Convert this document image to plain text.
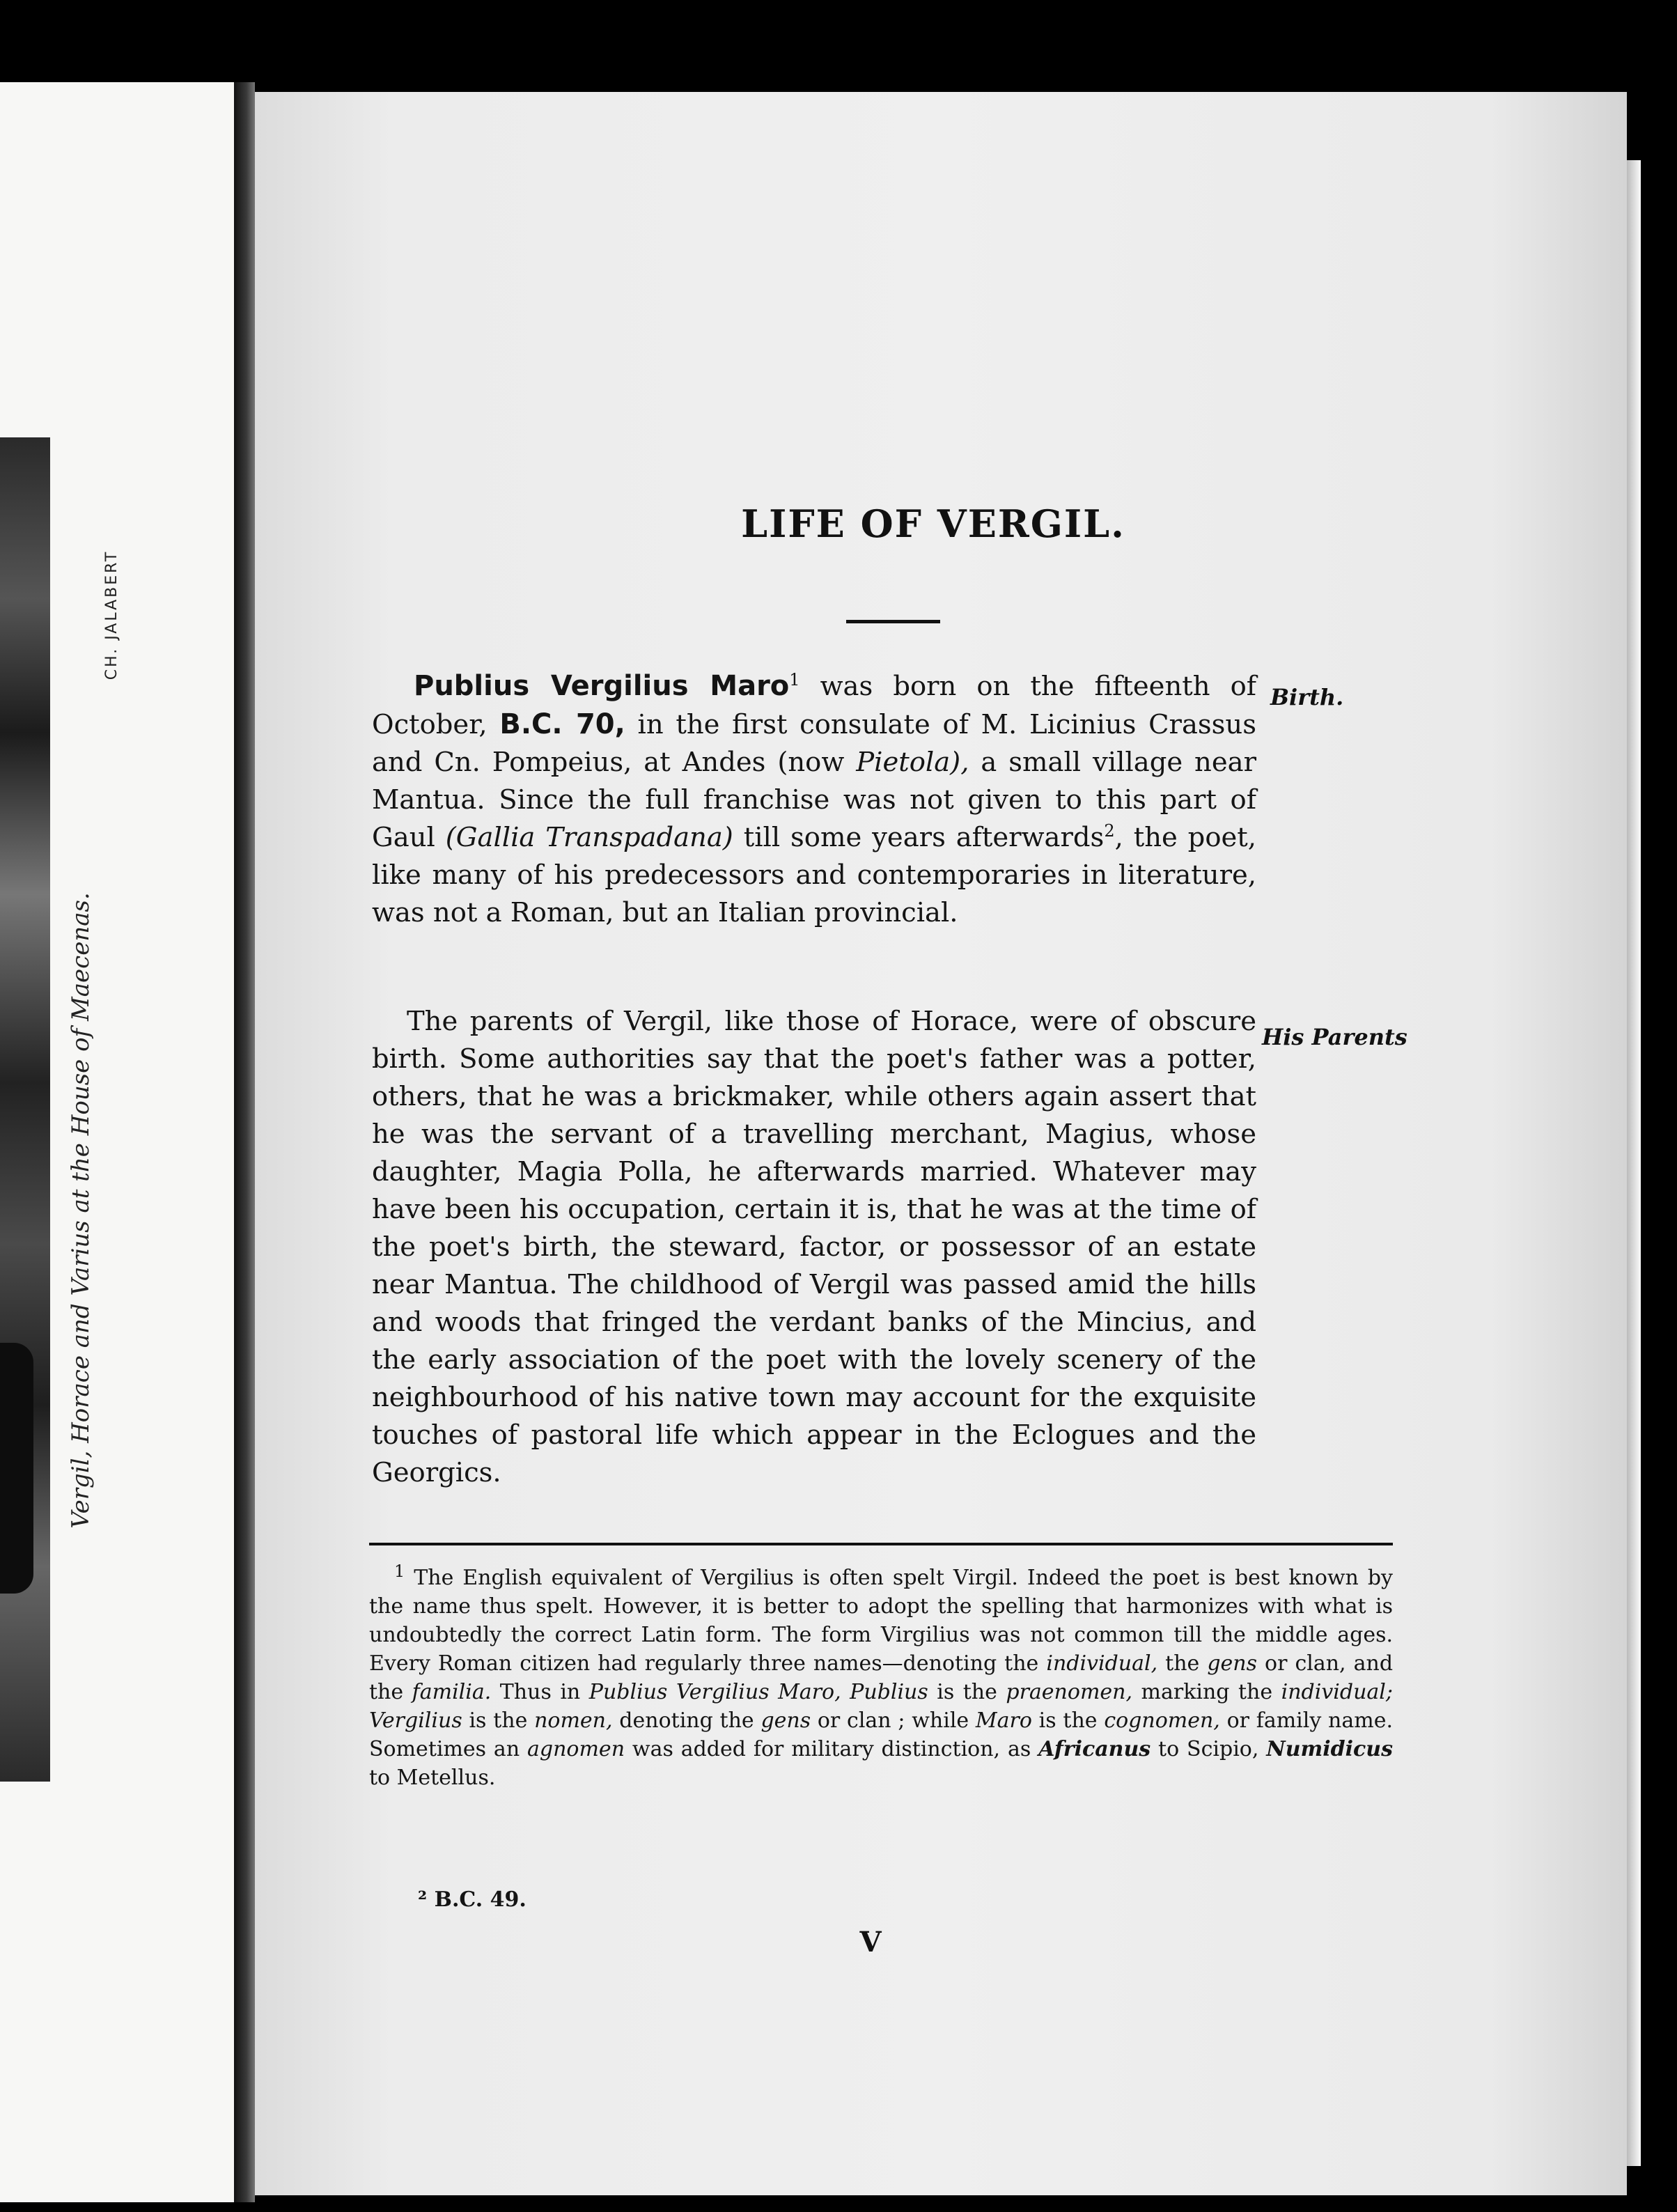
Vergil, Horace and Varius at the House of Maecenas.
CH. JALABERT
LIFE OF VERGIL.
Birth.
His Parents

Publius Vergilius Maro$^1$ was born on the fifteenth of October, B.C. 70, in the first consulate of M. Licinius Crassus and Cn. Pompeius, at Andes (now Pietola), a small village near Mantua. Since the full franchise was not given to this part of Gaul (Gallia Transpadana) till some years afterwards$^2$, the poet, like many of his predecessors and contemporaries in literature, was not a Roman, but an Italian provincial.

The parents of Vergil, like those of Horace, were of obscure birth. Some authorities say that the poet's father was a potter, others, that he was a brickmaker, while others again assert that he was the servant of a travelling merchant, Magius, whose daughter, Magia Polla, he afterwards married. Whatever may have been his occupation, certain it is, that he was at the time of the poet's birth, the steward, factor, or possessor of an estate near Mantua. The childhood of Vergil was passed amid the hills and woods that fringed the verdant banks of the Mincius, and the early association of the poet with the lovely scenery of the neighbourhood of his native town may account for the exquisite touches of pastoral life which appear in the Eclogues and the Georgics.

$^1$ The English equivalent of Vergilius is often spelt Virgil. Indeed the poet is best known by the name thus spelt. However, it is better to adopt the spelling that harmonizes with what is undoubtedly the correct Latin form. The form Virgilius was not common till the middle ages. Every Roman citizen had regularly three names—denoting the individual, the gens or clan, and the familia. Thus in Publius Vergilius Maro, Publius is the praenomen, marking the individual; Vergilius is the nomen, denoting the gens or clan ; while Maro is the cognomen, or family name. Sometimes an agnomen was added for military distinction, as Africanus to Scipio, Numidicus to Metellus.

² B.C. 49.
V
